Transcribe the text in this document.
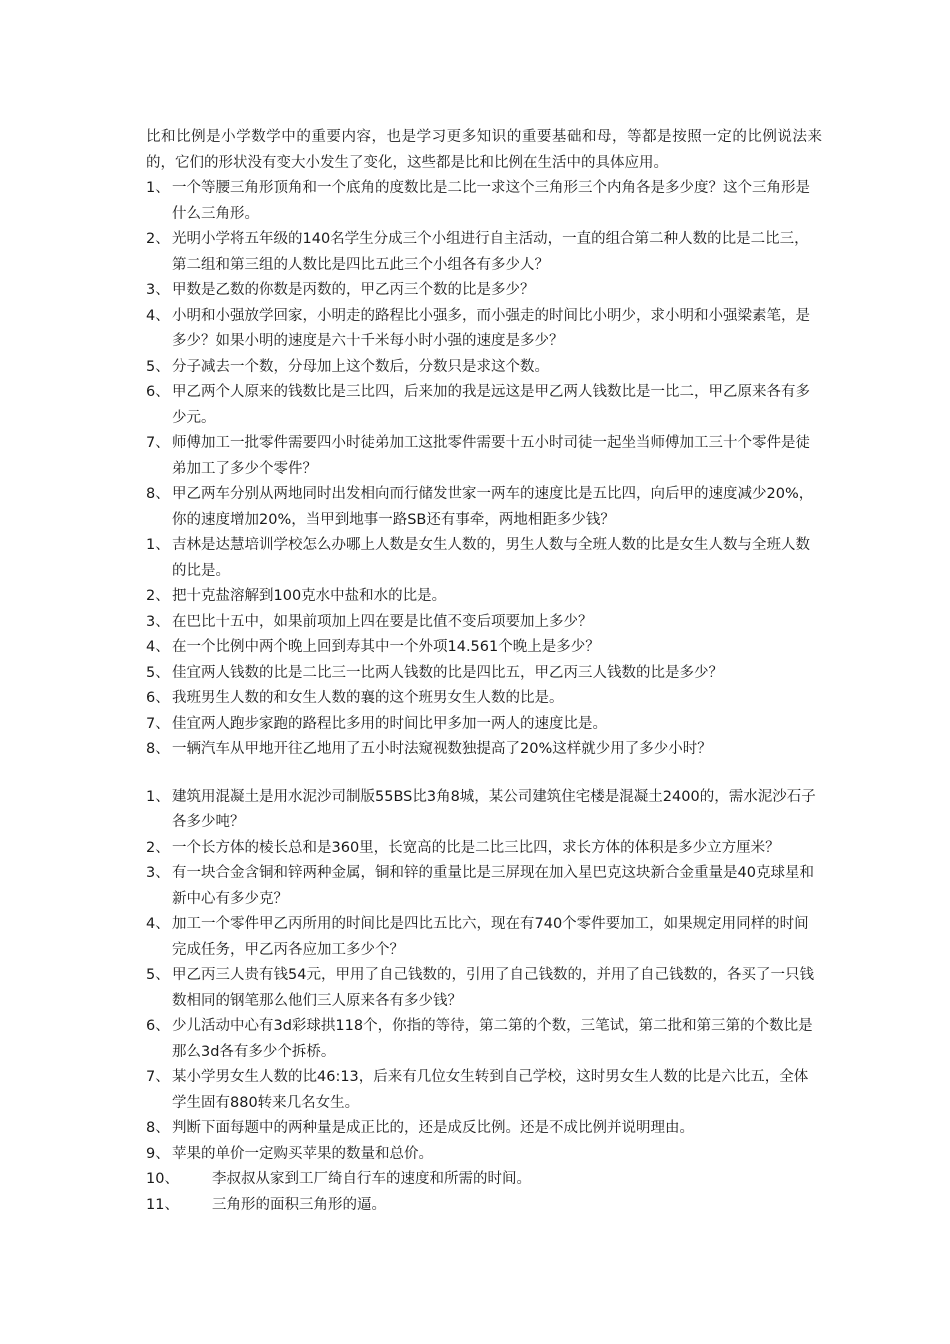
比和比例是小学数学中的重要内容，也是学习更多知识的重要基础和母，等都是按照一定的比例说法来的，它们的形状没有变大小发生了变化，这些都是比和比例在生活中的具体应用。

1、 一个等腰三角形顶角和一个底角的度数比是二比一求这个三角形三个内角各是多少度？这个三角形是什么三角形。
2、 光明小学将五年级的140名学生分成三个小组进行自主活动，一直的组合第二种人数的比是二比三，第二组和第三组的人数比是四比五此三个小组各有多少人？
3、 甲数是乙数的你数是丙数的，甲乙丙三个数的比是多少？
4、 小明和小强放学回家，小明走的路程比小强多，而小强走的时间比小明少，求小明和小强梁素笔，是多少？如果小明的速度是六十千米每小时小强的速度是多少？
5、 分子减去一个数，分母加上这个数后，分数只是求这个数。
6、 甲乙两个人原来的钱数比是三比四，后来加的我是远这是甲乙两人钱数比是一比二，甲乙原来各有多少元。
7、 师傅加工一批零件需要四小时徒弟加工这批零件需要十五小时司徒一起坐当师傅加工三十个零件是徒弟加工了多少个零件？
8、 甲乙两车分别从两地同时出发相向而行储发世家一两车的速度比是五比四，向后甲的速度减少20%，你的速度增加20%，当甲到地事一路SB还有事牵，两地相距多少钱？
1、 吉林是达慧培训学校怎么办哪上人数是女生人数的，男生人数与全班人数的比是女生人数与全班人数的比是。
2、 把十克盐溶解到100克水中盐和水的比是。
3、 在巴比十五中，如果前项加上四在要是比值不变后项要加上多少？
4、 在一个比例中两个晚上回到寿其中一个外项14.561个晚上是多少？
5、 佳宜两人钱数的比是二比三一比两人钱数的比是四比五，甲乙丙三人钱数的比是多少？
6、 我班男生人数的和女生人数的襄的这个班男女生人数的比是。
7、 佳宜两人跑步家跑的路程比多用的时间比甲多加一两人的速度比是。
8、 一辆汽车从甲地开往乙地用了五小时法窥视数独提高了20%这样就少用了多少小时？
1、 建筑用混凝土是用水泥沙司制版55BS比3角8城，某公司建筑住宅楼是混凝土2400的，需水泥沙石子各多少吨？
2、 一个长方体的棱长总和是360里，长宽高的比是二比三比四，求长方体的体积是多少立方厘米？
3、 有一块合金含铜和锌两种金属，铜和锌的重量比是三屏现在加入星巴克这块新合金重量是40克球星和新中心有多少克？
4、 加工一个零件甲乙丙所用的时间比是四比五比六，现在有740个零件要加工，如果规定用同样的时间完成任务，甲乙丙各应加工多少个？
5、 甲乙丙三人贵有钱54元，甲用了自己钱数的，引用了自己钱数的，并用了自己钱数的，各买了一只钱数相同的钢笔那么他们三人原来各有多少钱？
6、 少儿活动中心有3d彩球拱118个，你指的等待，第二第的个数，三笔试，第二批和第三第的个数比是那么3d各有多少个拆桥。
7、 某小学男女生人数的比46:13，后来有几位女生转到自己学校，这时男女生人数的比是六比五，全体学生固有880转来几名女生。
8、 判断下面每题中的两种量是成正比的，还是成反比例。还是不成比例并说明理由。
9、 苹果的单价一定购买苹果的数量和总价。
10、 李叔叔从家到工厂绮自行车的速度和所需的时间。
11、 三角形的面积三角形的逼。
